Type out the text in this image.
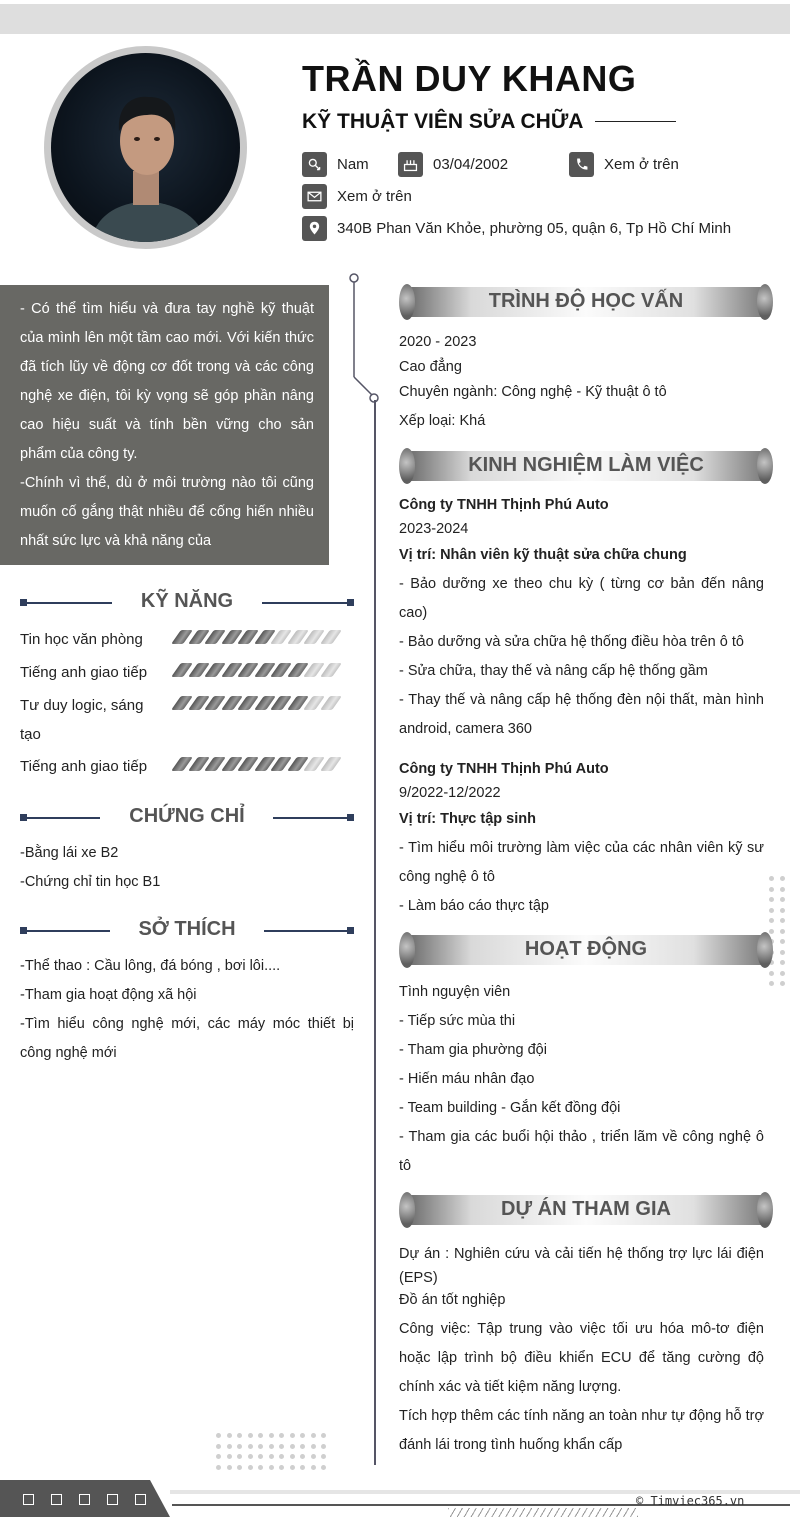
TRẦN DUY KHANG
KỸ THUẬT VIÊN SỬA CHỮA
Nam	03/04/2002	Xem ở trên
Xem ở trên
340B Phan Văn Khỏe, phường 05, quận 6, Tp Hồ Chí Minh
- Có thể tìm hiểu và đưa tay nghề kỹ thuật của mình lên một tầm cao mới. Với kiến thức đã tích lũy về động cơ đốt trong và các công nghệ xe điện, tôi kỳ vọng sẽ góp phần nâng cao hiệu suất và tính bền vững cho sản phẩm của công ty.
-Chính vì thế, dù ở môi trường nào tôi cũng muốn cố gắng thật nhiều để cống hiến nhiều nhất sức lực và khả năng của
KỸ NĂNG
Tin học văn phòng
Tiếng anh giao tiếp
Tư duy logic, sáng tạo
Tiếng anh giao tiếp
CHỨNG CHỈ
-Bằng lái xe B2
-Chứng chỉ tin học B1
SỞ THÍCH
-Thể thao : Cầu lông, đá bóng , bơi lôi....
-Tham gia hoạt động xã hội
-Tìm hiểu công nghệ mới, các máy móc thiết bị công nghệ mới
TRÌNH ĐỘ HỌC VẤN
2020 - 2023
Cao đẳng
Chuyên ngành: Công nghệ - Kỹ thuật ô tô
Xếp loại: Khá
KINH NGHIỆM LÀM VIỆC
Công ty TNHH Thịnh Phú Auto
2023-2024
Vị trí: Nhân viên kỹ thuật sửa chữa chung
- Bảo dưỡng xe theo chu kỳ ( từng cơ bản đến nâng cao)
- Bảo dưỡng và sửa chữa hệ thống điều hòa trên ô tô
- Sửa chữa, thay thế và nâng cấp hệ thống gầm
- Thay thế và nâng cấp hệ thống đèn nội thất, màn hình android, camera 360
Công ty TNHH Thịnh Phú Auto
9/2022-12/2022
Vị trí: Thực tập sinh
- Tìm hiểu môi trường làm việc của các nhân viên kỹ sư công nghệ ô tô
- Làm báo cáo thực tập
HOẠT ĐỘNG
Tình nguyện viên
- Tiếp sức mùa thi
- Tham gia phường đội
- Hiến máu nhân đạo
- Team building - Gắn kết đồng đội
- Tham gia các buổi hội thảo , triển lãm về công nghệ ô tô
DỰ ÁN THAM GIA
Dự án : Nghiên cứu và cải tiến hệ thống trợ lực lái điện (EPS)
Đồ án tốt nghiệp
Công việc: Tập trung vào việc tối ưu hóa mô-tơ điện hoặc lập trình bộ điều khiển ECU để tăng cường độ chính xác và tiết kiệm năng lượng.
Tích hợp thêm các tính năng an toàn như tự động hỗ trợ đánh lái trong tình huống khẩn cấp
© Timviec365.vn
